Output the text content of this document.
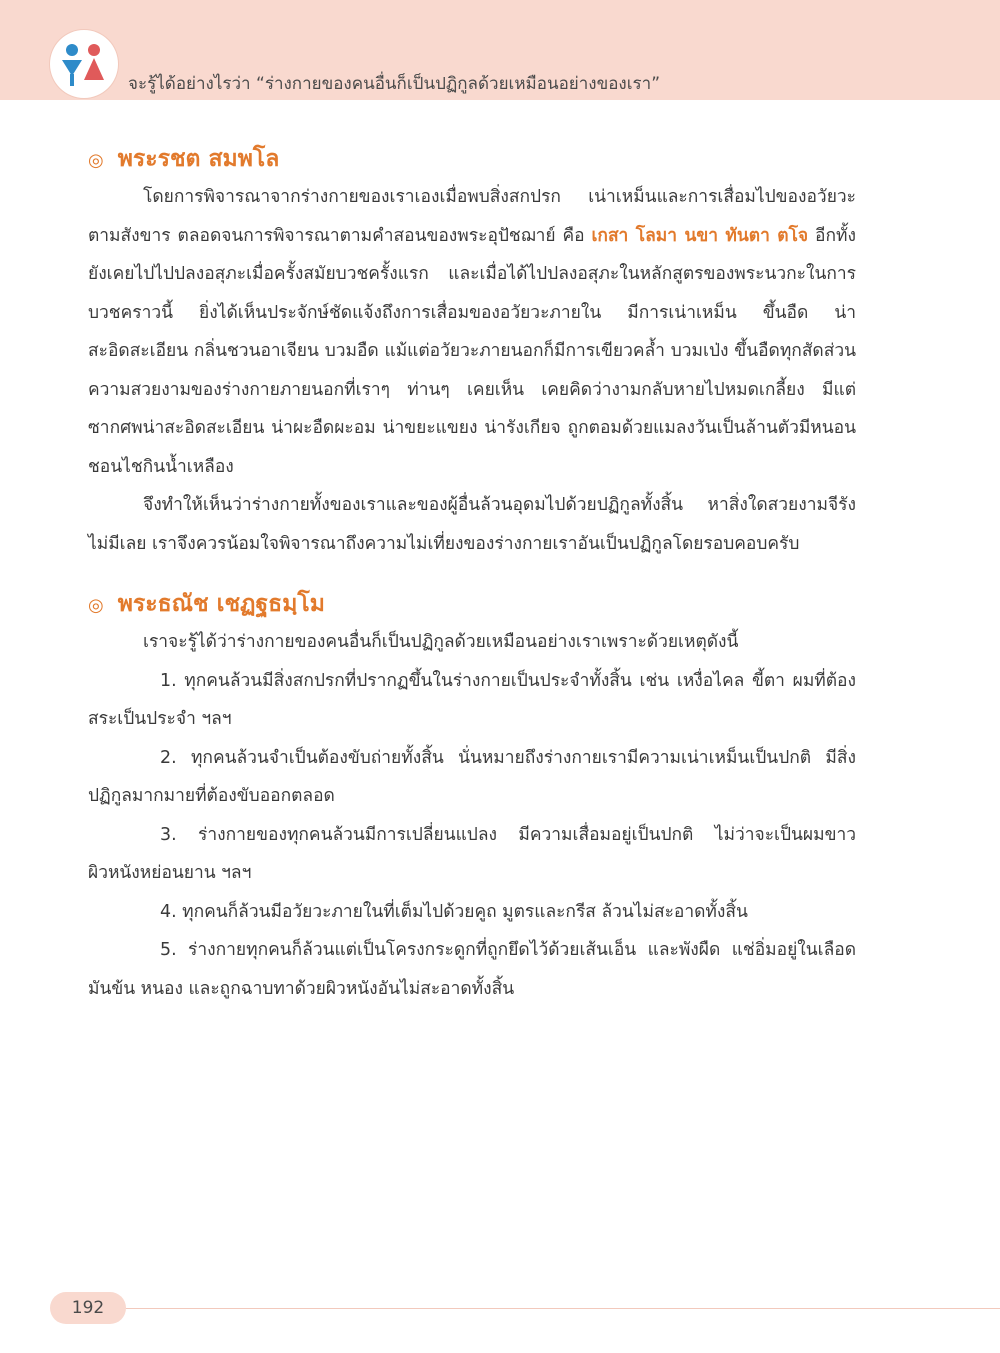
จะรู้ได้อย่างไรว่า “ร่างกายของคนอื่นก็เป็นปฏิกูลด้วยเหมือนอย่างของเรา”
◎ พระรชต สมพโล

โดยการพิจารณาจากร่างกายของเราเองเมื่อพบสิ่งสกปรก เน่าเหม็นและการเสื่อมไปของอวัยวะตามสังขาร ตลอดจนการพิจารณาตามคำสอนของพระอุปัชฌาย์ คือ เกสา โลมา นขา ทันตา ตโจ อีกทั้งยังเคยไปไปปลงอสุภะเมื่อครั้งสมัยบวชครั้งแรก และเมื่อได้ไปปลงอสุภะในหลักสูตรของพระนวกะในการบวชคราวนี้ ยิ่งได้เห็นประจักษ์ชัดแจ้งถึงการเสื่อมของอวัยวะภายใน มีการเน่าเหม็น ขึ้นอืด น่าสะอิดสะเอียน กลิ่นชวนอาเจียน บวมอืด แม้แต่อวัยวะภายนอกก็มีการเขียวคล้ำ บวมเป่ง ขึ้นอืดทุกสัดส่วน ความสวยงามของร่างกายภายนอกที่เราๆ ท่านๆ เคยเห็น เคยคิดว่างามกลับหายไปหมดเกลี้ยง มีแต่ซากศพน่าสะอิดสะเอียน น่าผะอืดผะอม น่าขยะแขยง น่ารังเกียจ ถูกตอมด้วยแมลงวันเป็นล้านตัวมีหนอนชอนไชกินน้ำเหลือง

จึงทำให้เห็นว่าร่างกายทั้งของเราและของผู้อื่นล้วนอุดมไปด้วยปฏิกูลทั้งสิ้น หาสิ่งใดสวยงามจีรังไม่มีเลย เราจึงควรน้อมใจพิจารณาถึงความไม่เที่ยงของร่างกายเราอันเป็นปฏิกูลโดยรอบคอบครับ

◎ พระธณัช เชฏฐธมฺโม

เราจะรู้ได้ว่าร่างกายของคนอื่นก็เป็นปฏิกูลด้วยเหมือนอย่างเราเพราะด้วยเหตุดังนี้

1. ทุกคนล้วนมีสิ่งสกปรกที่ปรากฏขึ้นในร่างกายเป็นประจำทั้งสิ้น เช่น เหงื่อไคล ขี้ตา ผมที่ต้องสระเป็นประจำ ฯลฯ

2. ทุกคนล้วนจำเป็นต้องขับถ่ายทั้งสิ้น นั่นหมายถึงร่างกายเรามีความเน่าเหม็นเป็นปกติ มีสิ่งปฏิกูลมากมายที่ต้องขับออกตลอด

3. ร่างกายของทุกคนล้วนมีการเปลี่ยนแปลง มีความเสื่อมอยู่เป็นปกติ ไม่ว่าจะเป็นผมขาว ผิวหนังหย่อนยาน ฯลฯ

4. ทุกคนก็ล้วนมีอวัยวะภายในที่เต็มไปด้วยคูถ มูตรและกรีส ล้วนไม่สะอาดทั้งสิ้น

5. ร่างกายทุกคนก็ล้วนแต่เป็นโครงกระดูกที่ถูกยึดไว้ด้วยเส้นเอ็น และพังผืด แช่อิ่มอยู่ในเลือด มันข้น หนอง และถูกฉาบทาด้วยผิวหนังอันไม่สะอาดทั้งสิ้น

192
